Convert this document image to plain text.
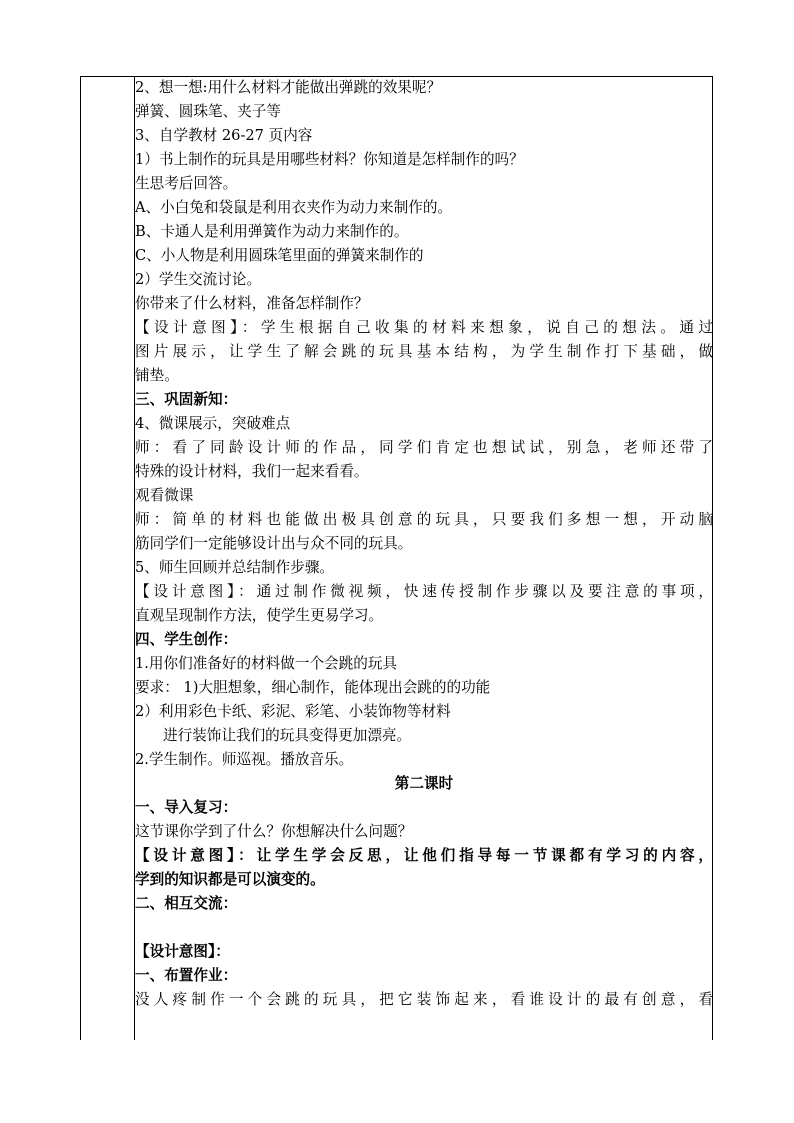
2、想一想:用什么材料才能做出弹跳的效果呢？
弹簧、圆珠笔、夹子等
3、自学教材 26-27 页内容
1）书上制作的玩具是用哪些材料？你知道是怎样制作的吗？
生思考后回答。
A、小白兔和袋鼠是利用衣夹作为动力来制作的。
B、卡通人是利用弹簧作为动力来制作的。
C、小人物是利用圆珠笔里面的弹簧来制作的
2）学生交流讨论。
你带来了什么材料，准备怎样制作？
【设计意图】：学生根据自己收集的材料来想象，说自己的想法。通过
图片展示，让学生了解会跳的玩具基本结构，为学生制作打下基础，做
铺垫。
三、巩固新知：
4、微课展示，突破难点
师：看了同龄设计师的作品，同学们肯定也想试试，别急，老师还带了
特殊的设计材料，我们一起来看看。
观看微课
师：简单的材料也能做出极具创意的玩具，只要我们多想一想，开动脑
筋同学们一定能够设计出与众不同的玩具。
5、师生回顾并总结制作步骤。
【设计意图】：通过制作微视频，快速传授制作步骤以及要注意的事项，
直观呈现制作方法，使学生更易学习。
四、学生创作：
1.用你们准备好的材料做一个会跳的玩具
要求： 1)大胆想象，细心制作，能体现出会跳的的功能
2）利用彩色卡纸、彩泥、彩笔、小装饰物等材料
进行装饰让我们的玩具变得更加漂亮。
2.学生制作。师巡视。播放音乐。
第二课时
一、导入复习：
这节课你学到了什么？你想解决什么问题？
【设计意图】：让学生学会反思，让他们指导每一节课都有学习的内容，
学到的知识都是可以演变的。
二、相互交流：
【设计意图】：
一、布置作业：
没人疼制作一个会跳的玩具，把它装饰起来，看谁设计的最有创意，看
